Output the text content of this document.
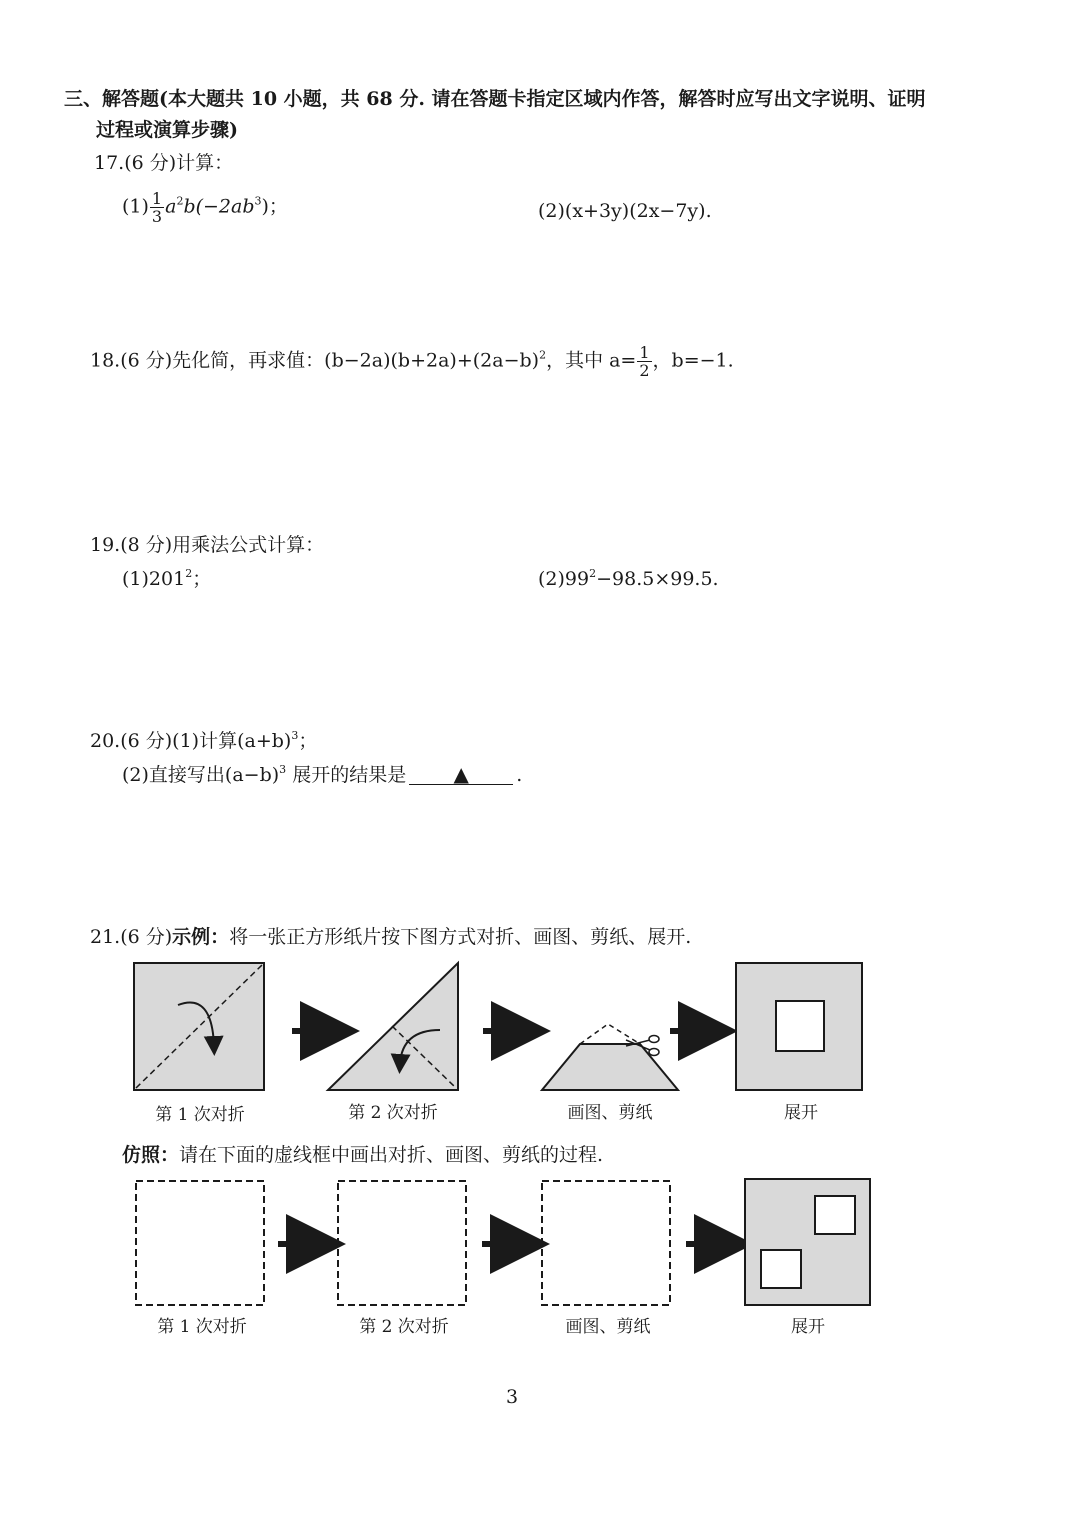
三、解答题(本大题共 10 小题，共 68 分. 请在答题卡指定区域内作答，解答时应写出文字说明、证明
过程或演算步骤)
17.(6 分)计算：
$(1) \frac{1}{3} a^2b(-2ab^3)$；	(2)(x+3y)(2x−7y).
18.(6 分)先化简，再求值：$(b-2a)(b+2a)+(2a-b)^2$，其中 $a= \frac{1}{2}$ ，b=−1.
19.(8 分)用乘法公式计算：
$(1)201^2$；	$(2)99^2-98.5\times 99.5$.
20.(6 分)(1)计算$(a+b)^3$；
(2)直接写出$(a-b)^3$ 展开的结果是 ▲ .
21.(6 分)示例：将一张正方形纸片按下图方式对折、画图、剪纸、展开.
第 1 次对折	第 2 次对折	画图、剪纸	展开
仿照：请在下面的虚线框中画出对折、画图、剪纸的过程.
第 1 次对折	第 2 次对折	画图、剪纸	展开
3
